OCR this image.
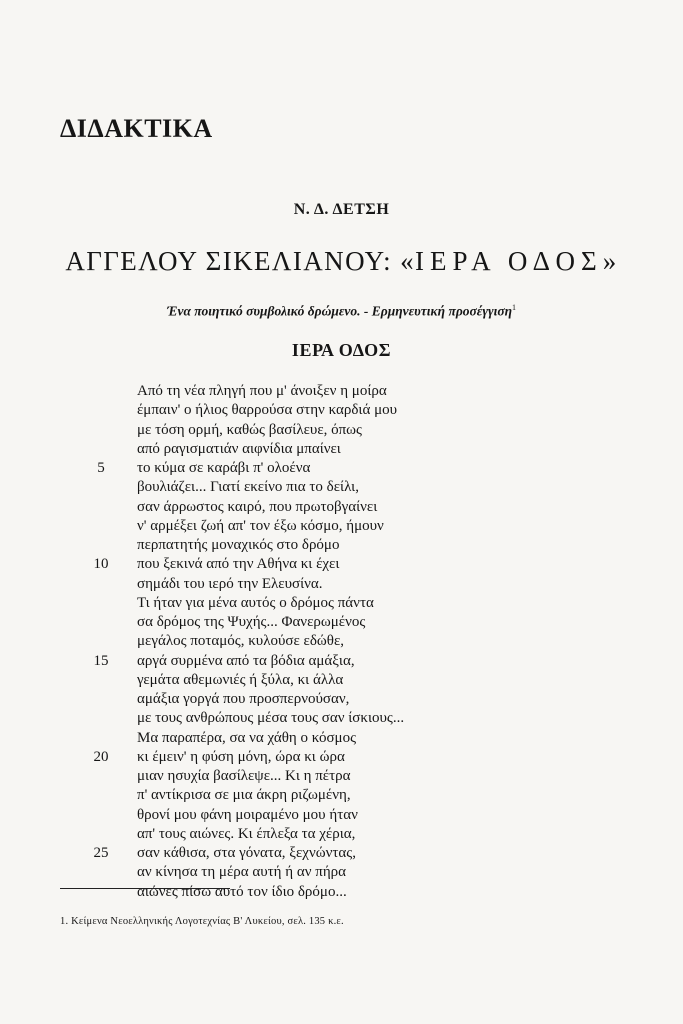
ΔΙΔΑΚΤΙΚΑ
Ν. Δ. ΔΕΤΣΗ
ΑΓΓΕΛΟΥ ΣΙΚΕΛΙΑΝΟΥ: «ΙΕΡΑ ΟΔΟΣ»
Ένα ποιητικό συμβολικό δρώμενο. - Ερμηνευτική προσέγγιση$^1$
ΙΕΡΑ ΟΔΟΣ
Από τη νέα πληγή που μ' άνοιξεν η μοίρα
έμπαιν' ο ήλιος θαρρούσα στην καρδιά μου
με τόση ορμή, καθώς βασίλευε, όπως
από ραγισματιάν αιφνίδια μπαίνει
5	το κύμα σε καράβι π' ολοένα
βουλιάζει... Γιατί εκείνο πια το δείλι,
σαν άρρωστος καιρό, που πρωτοβγαίνει
ν' αρμέξει ζωή απ' τον έξω κόσμο, ήμουν
περπατητής μοναχικός στο δρόμο
10	που ξεκινά από την Αθήνα κι έχει
σημάδι του ιερό την Ελευσίνα.
Τι ήταν για μένα αυτός ο δρόμος πάντα
σα δρόμος της Ψυχής... Φανερωμένος
μεγάλος ποταμός, κυλούσε εδώθε,
15	αργά συρμένα από τα βόδια αμάξια,
γεμάτα αθεμωνιές ή ξύλα, κι άλλα
αμάξια γοργά που προσπερνούσαν,
με τους ανθρώπους μέσα τους σαν ίσκιους...
Μα παραπέρα, σα να χάθη ο κόσμος
20	κι έμειν' η φύση μόνη, ώρα κι ώρα
μιαν ησυχία βασίλεψε... Κι η πέτρα
π' αντίκρισα σε μια άκρη ριζωμένη,
θρονί μου φάνη μοιραμένο μου ήταν
απ' τους αιώνες. Κι έπλεξα τα χέρια,
25	σαν κάθισα, στα γόνατα, ξεχνώντας,
αν κίνησα τη μέρα αυτή ή αν πήρα
αιώνες πίσω αυτό τον ίδιο δρόμο...
1. Κείμενα Νεοελληνικής Λογοτεχνίας Β' Λυκείου, σελ. 135 κ.ε.
